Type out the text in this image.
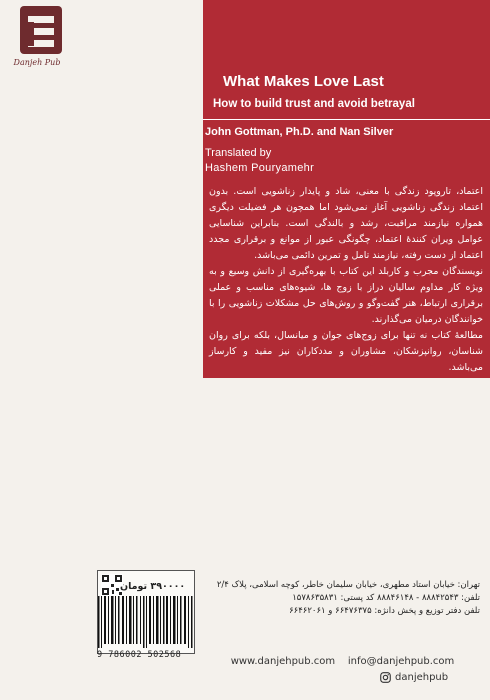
Danjeh Pub
What Makes Love Last
How to build trust and avoid betrayal
John Gottman, Ph.D. and Nan Silver
Translated by
Hashem Pouryamehr

اعتماد، تاروپود زندگی با معنی، شاد و پایدار زناشویی است. بدون اعتماد زندگی زناشویی آغاز نمی‌شود اما همچون هر فضیلت دیگری همواره نیازمند مراقبت، رشد و بالندگی است. بنابراین شناسایی عوامل ویران کنندهٔ اعتماد، چگونگی عبور از موانع و برقراری مجدد اعتماد از دست رفته، نیازمند تامل و تمرین دائمی می‌باشد.

نویسندگان مجرب و کاربلد این کتاب با بهره‌گیری از دانش وسیع و به ویژه کار مداوم سالیان دراز با زوج ها، شیوه‌های مناسب و عملی برقراری ارتباط، هنر گفت‌وگو و روش‌های حل مشکلات زناشویی را با خوانندگان درمیان می‌گذارند.

مطالعهٔ کتاب نه تنها برای زوج‌های جوان و میانسال، بلکه برای روان شناسان، روانپزشکان، مشاوران و مددکاران نیز مفید و کارساز می‌باشد.

۳۹۰۰۰۰ تومان
9 786002 502568

تهران: خیابان استاد مطهری، خیابان سلیمان خاطر، کوچه اسلامی، پلاک ۲/۴

تلفن: ۸۸۸۴۲۵۴۳ - ۸۸۸۴۶۱۴۸ کد پستی: ۱۵۷۸۶۳۵۸۳۱

تلفن دفتر توزیع و پخش دانژه: ۶۶۴۷۶۳۷۵ و ۶۶۴۶۲۰۶۱

www.danjehpub.com info@danjehpub.com
danjehpub
